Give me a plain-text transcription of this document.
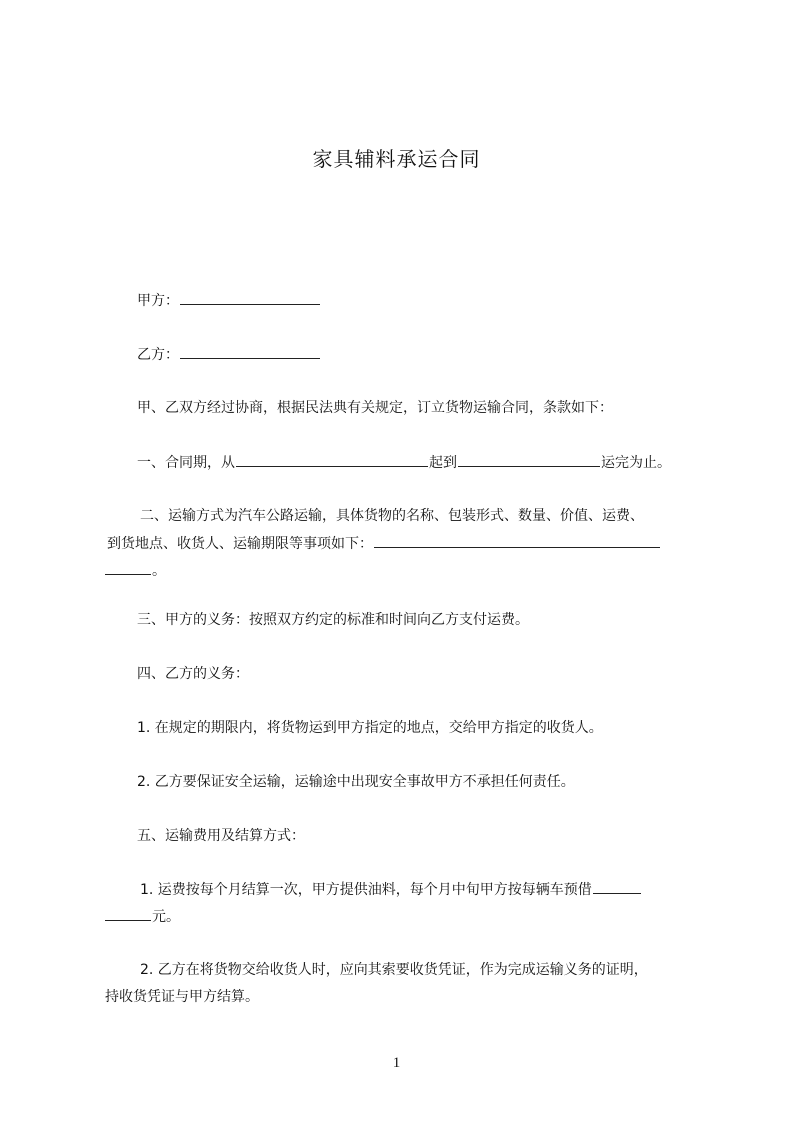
家具辅料承运合同
甲方：
乙方：
甲、乙双方经过协商，根据民法典有关规定，订立货物运输合同，条款如下：
一、合同期，从	起到	运完为止。
二、运输方式为汽车公路运输，具体货物的名称、包装形式、数量、价值、运费、
到货地点、收货人、运输期限等事项如下：
。
三、甲方的义务：按照双方约定的标准和时间向乙方支付运费。
四、乙方的义务：
1. 在规定的期限内，将货物运到甲方指定的地点，交给甲方指定的收货人。
2. 乙方要保证安全运输，运输途中出现安全事故甲方不承担任何责任。
五、运输费用及结算方式：
1. 运费按每个月结算一次，甲方提供油料，每个月中旬甲方按每辆车预借
元。
2. 乙方在将货物交给收货人时，应向其索要收货凭证，作为完成运输义务的证明，
持收货凭证与甲方结算。
1
